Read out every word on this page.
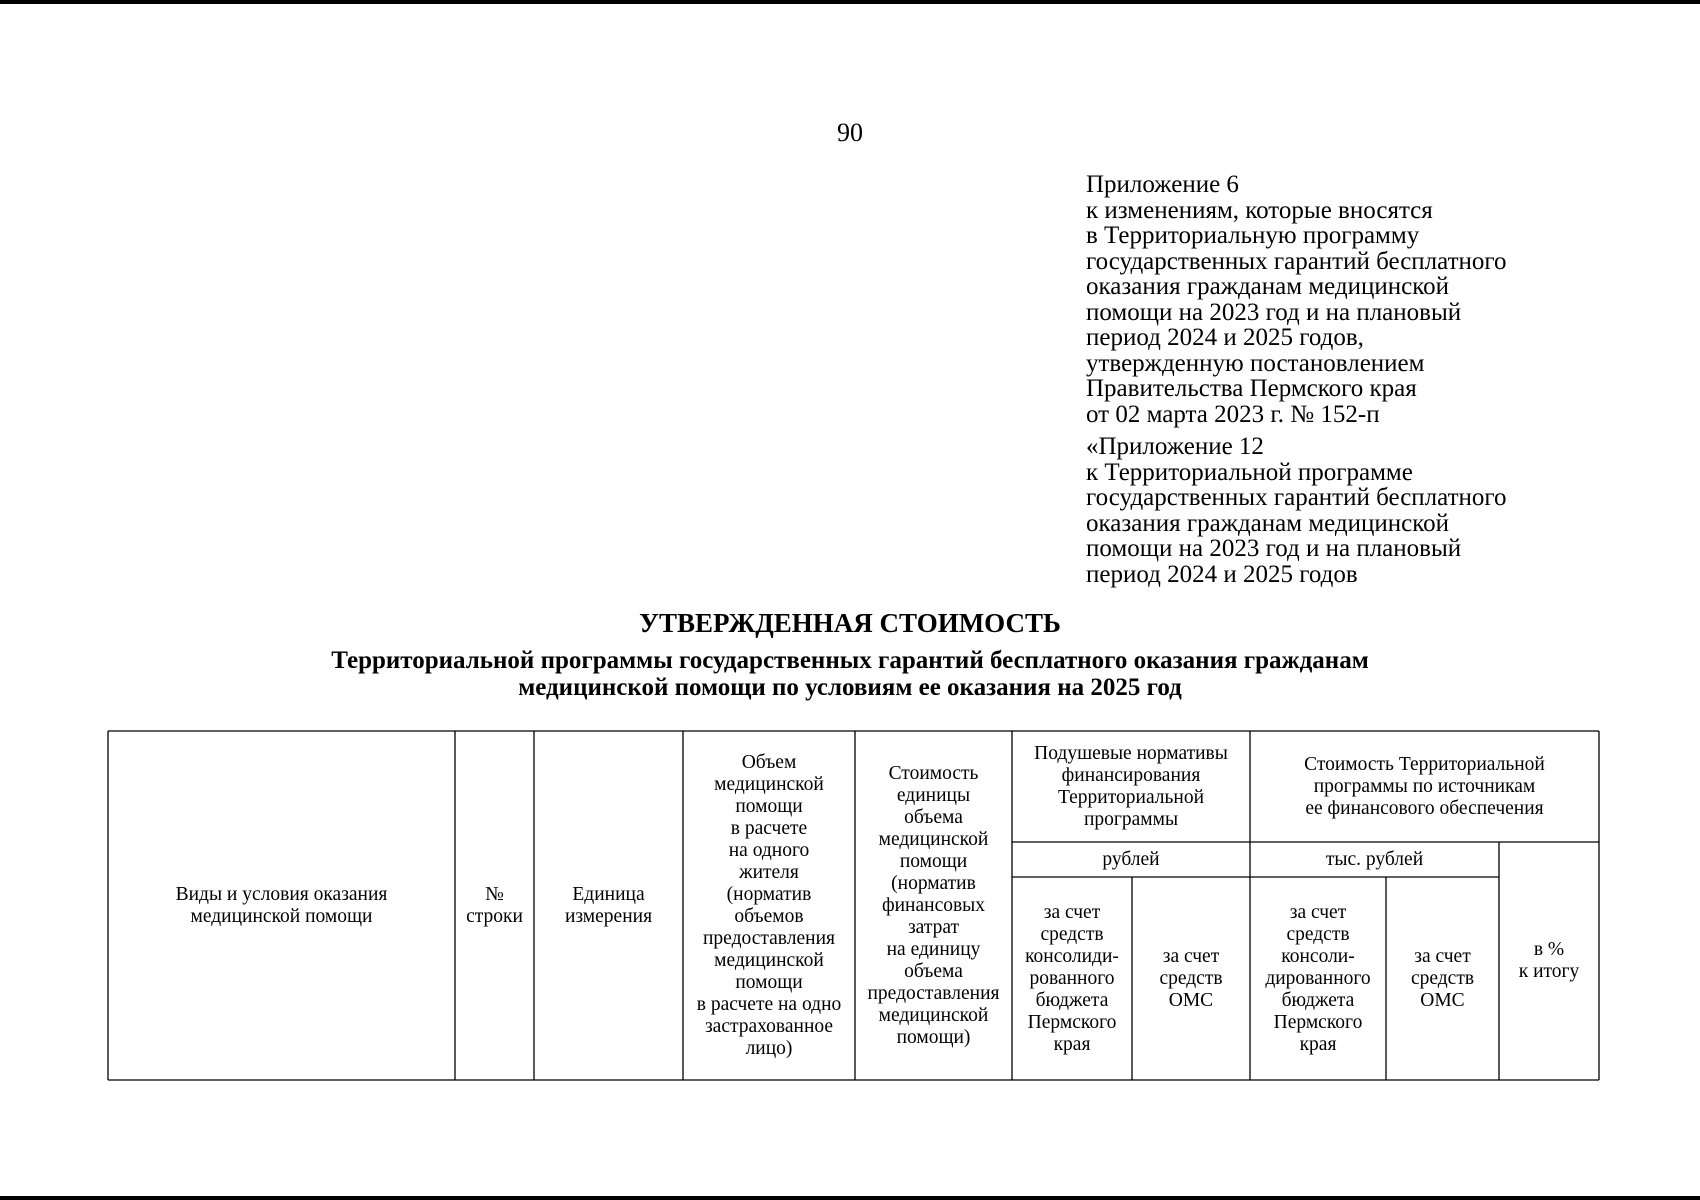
90
Приложение 6
к изменениям, которые вносятся
в Территориальную программу
государственных гарантий бесплатного
оказания гражданам медицинской
помощи на 2023 год и на плановый
период 2024 и 2025 годов,
утвержденную постановлением
Правительства Пермского края
от 02 марта 2023 г. № 152-п
«Приложение 12
к Территориальной программе
государственных гарантий бесплатного
оказания гражданам медицинской
помощи на 2023 год и на плановый
период 2024 и 2025 годов
УТВЕРЖДЕННАЯ СТОИМОСТЬ
Территориальной программы государственных гарантий бесплатного оказания гражданам
медицинской помощи по условиям ее оказания на 2025 год
Виды и условия оказания
медицинской помощи
№
строки
Единица
измерения
Объем
медицинской
помощи
в расчете
на одного
жителя
(норматив
объемов
предоставления
медицинской
помощи
в расчете на одно
застрахованное
лицо)
Стоимость
единицы
объема
медицинской
помощи
(норматив
финансовых
затрат
на единицу
объема
предоставления
медицинской
помощи)
Подушевые нормативы
финансирования
Территориальной
программы
Стоимость Территориальной
программы по источникам
ее финансового обеспечения
рублей	тыс. рублей
за счет
средств
консолиди-
рованного
бюджета
Пермского
края
за счет
средств
ОМС
за счет
средств
консоли-
дированного
бюджета
Пермского
края
за счет
средств
ОМС
в %
к итогу
